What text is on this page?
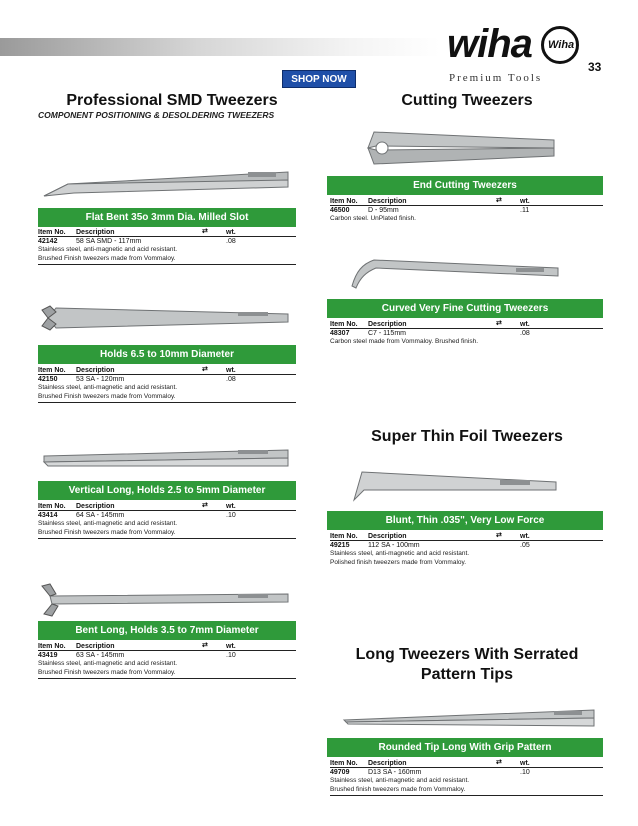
wiha Wiha
Premium Tools
33
SHOP NOW
Professional SMD Tweezers
COMPONENT POSITIONING & DESOLDERING TWEEZERS
Flat Bent 35o 3mm Dia. Milled Slot
Item No. Description	⇄	wt.
42142	58 SA SMD - 117mm	.08
Stainless steel, anti-magnetic and acid resistant.
Brushed Finish tweezers made from Vommaloy.
Holds 6.5 to 10mm Diameter
Item No. Description	⇄	wt.
42150	53 SA - 120mm	.08
Stainless steel, anti-magnetic and acid resistant.
Brushed Finish tweezers made from Vommaloy.
Vertical Long, Holds 2.5 to 5mm Diameter
Item No. Description	⇄	wt.
43414	64 SA - 145mm	.10
Stainless steel, anti-magnetic and acid resistant.
Brushed Finish tweezers made from Vommaloy.
Bent Long, Holds 3.5 to 7mm Diameter
Item No. Description	⇄	wt.
43419	63 SA - 145mm	.10
Stainless steel, anti-magnetic and acid resistant.
Brushed Finish tweezers made from Vommaloy.
Cutting Tweezers
End Cutting Tweezers
Item No. Description	⇄	wt.
46500	D - 95mm	.11
Carbon steel. UnPlated finish.
Curved Very Fine Cutting Tweezers
Item No. Description	⇄	wt.
48307	C7 - 115mm	.08
Carbon steel made from Vommaloy. Brushed finish.
Super Thin Foil Tweezers
Blunt, Thin .035", Very Low Force
Item No. Description	⇄	wt.
49215	112 SA - 100mm	.05
Stainless steel, anti-magnetic and acid resistant.
Polished finish tweezers made from Vommaloy.
Long Tweezers With Serrated
Pattern Tips
Rounded Tip Long With Grip Pattern
Item No. Description	⇄	wt.
49709	D13 SA - 160mm	.10
Stainless steel, anti-magnetic and acid resistant.
Brushed finish tweezers made from Vommaloy.
